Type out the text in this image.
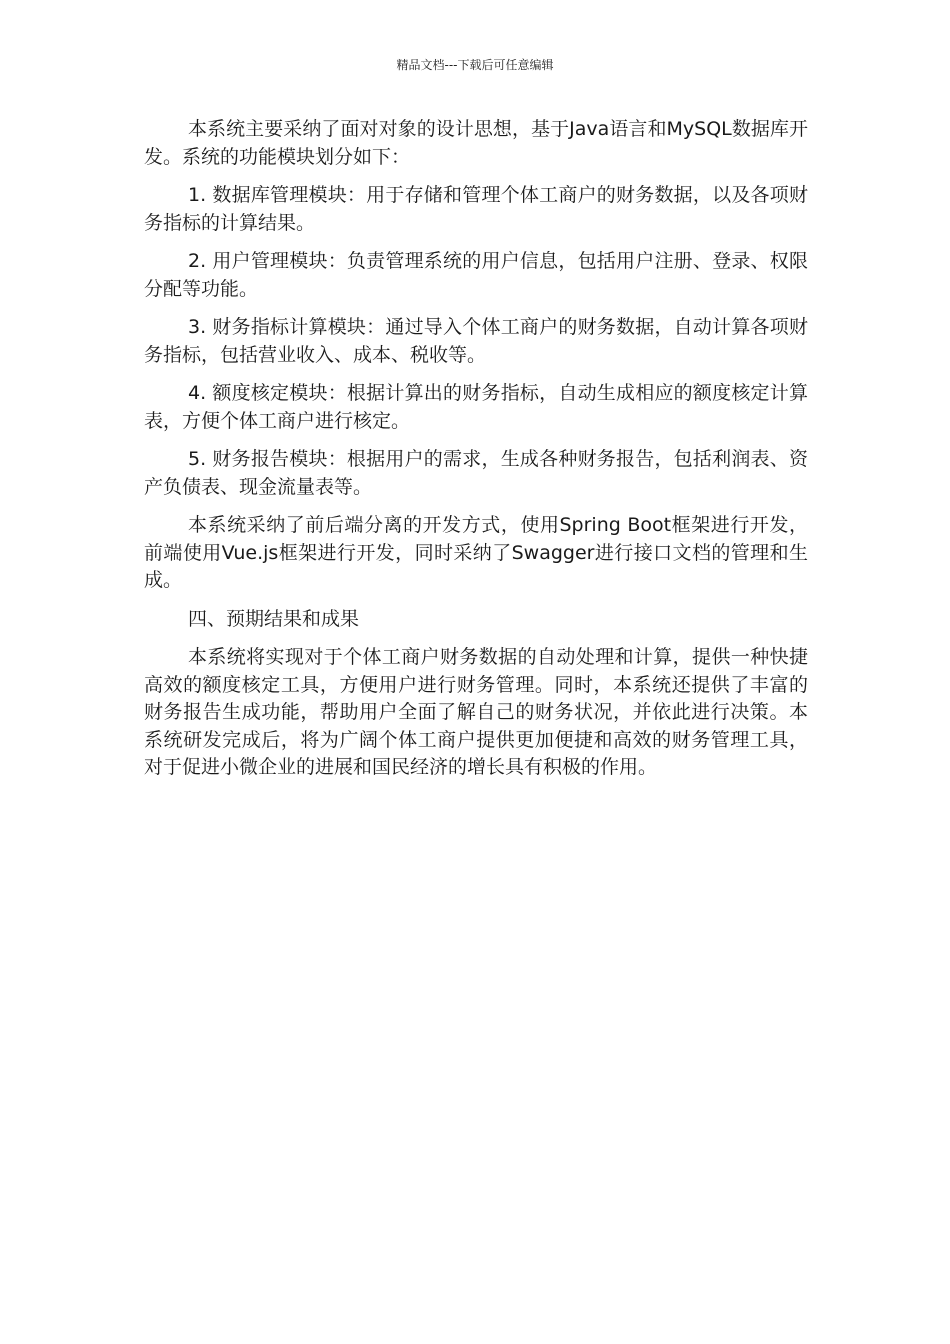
精品文档---下载后可任意编辑

本系统主要采纳了面对对象的设计思想，基于Java语言和MySQL数据库开发。系统的功能模块划分如下：

1. 数据库管理模块：用于存储和管理个体工商户的财务数据，以及各项财务指标的计算结果。

2. 用户管理模块：负责管理系统的用户信息，包括用户注册、登录、权限分配等功能。

3. 财务指标计算模块：通过导入个体工商户的财务数据，自动计算各项财务指标，包括营业收入、成本、税收等。

4. 额度核定模块：根据计算出的财务指标，自动生成相应的额度核定计算表，方便个体工商户进行核定。

5. 财务报告模块：根据用户的需求，生成各种财务报告，包括利润表、资产负债表、现金流量表等。

本系统采纳了前后端分离的开发方式，使用Spring Boot框架进行开发，前端使用Vue.js框架进行开发，同时采纳了Swagger进行接口文档的管理和生成。

四、预期结果和成果

本系统将实现对于个体工商户财务数据的自动处理和计算，提供一种快捷高效的额度核定工具，方便用户进行财务管理。同时，本系统还提供了丰富的财务报告生成功能，帮助用户全面了解自己的财务状况，并依此进行决策。本系统研发完成后，将为广阔个体工商户提供更加便捷和高效的财务管理工具，对于促进小微企业的进展和国民经济的增长具有积极的作用。
